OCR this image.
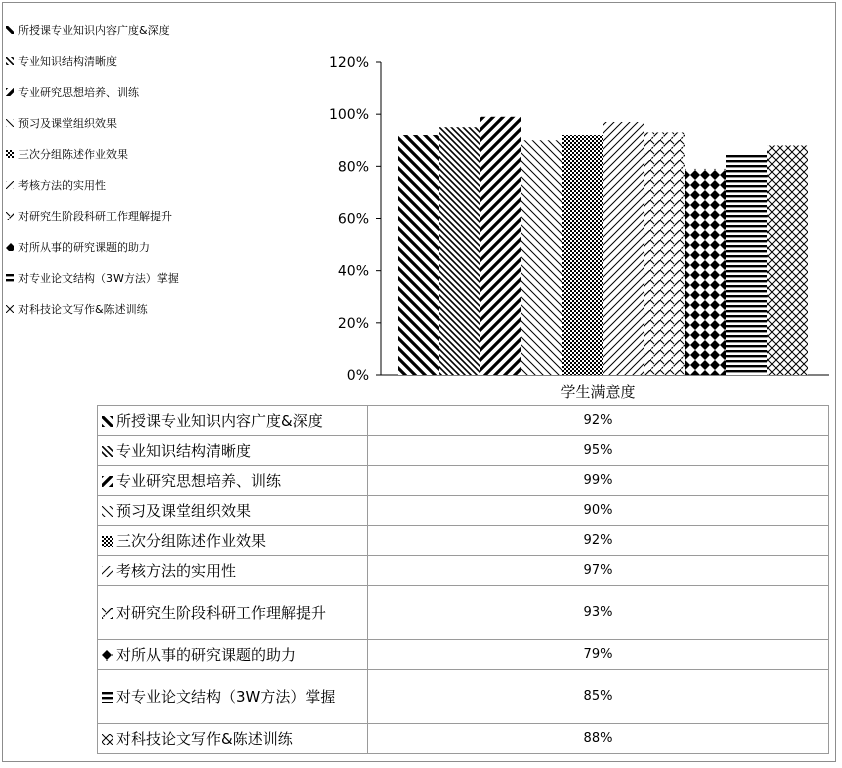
0%
20%
40%
60%
80%
100%
120%
所授课专业知识内容广度&深度
专业知识结构清晰度
专业研究思想培养、训练
预习及课堂组织效果
三次分组陈述作业效果
考核方法的实用性
对研究生阶段科研工作理解提升
对所从事的研究课题的助力
对专业论文结构（3W方法）掌握
对科技论文写作&陈述训练
	学生满意度
所授课专业知识内容广度&深度	92%
专业知识结构清晰度	95%
专业研究思想培养、训练	99%
预习及课堂组织效果	90%
三次分组陈述作业效果	92%
考核方法的实用性	97%
对研究生阶段科研工作理解提升	93%
对所从事的研究课题的助力	79%
对专业论文结构（3W方法）掌握	85%
对科技论文写作&陈述训练	88%
